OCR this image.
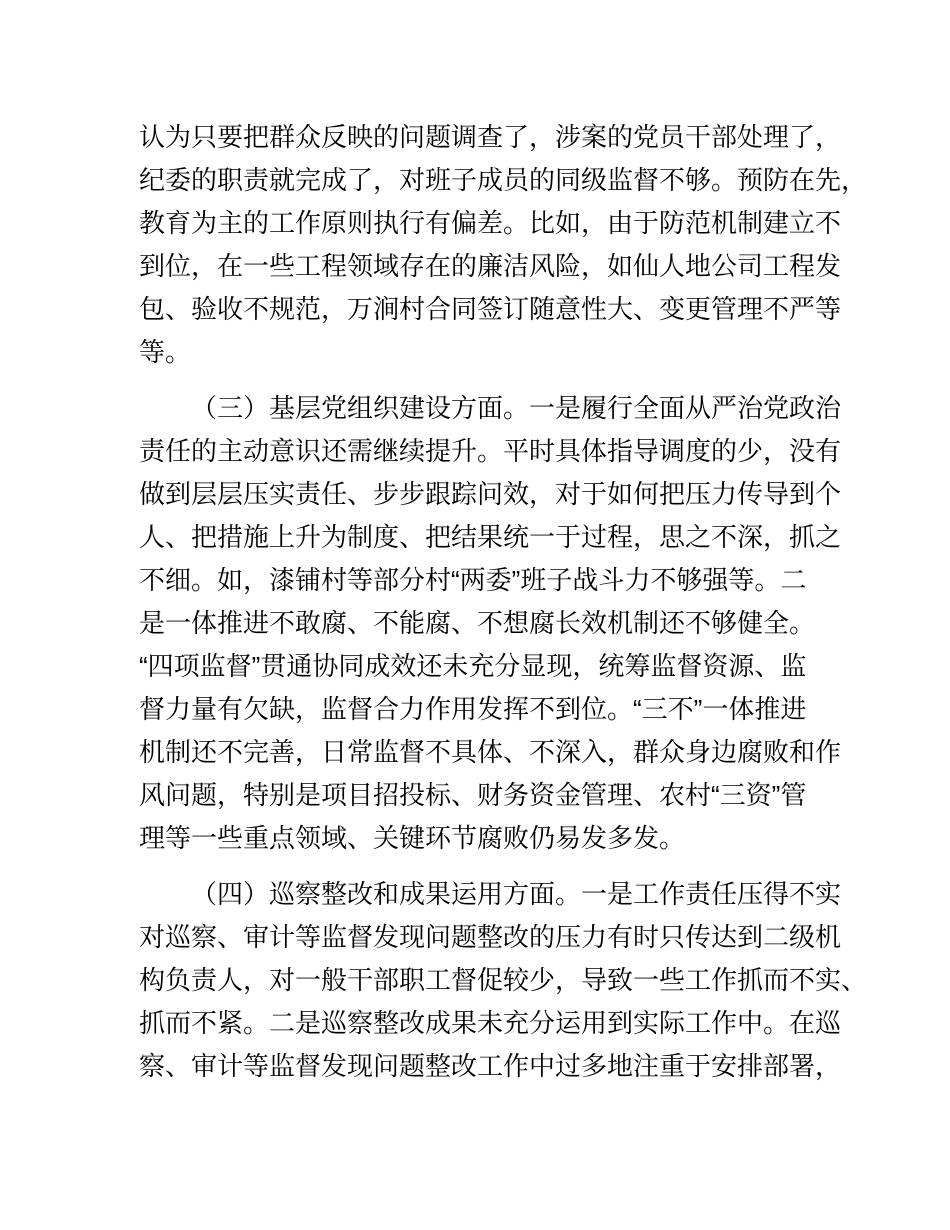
认为只要把群众反映的问题调查了，涉案的党员干部处理了，
纪委的职责就完成了，对班子成员的同级监督不够。预防在先，
教育为主的工作原则执行有偏差。比如，由于防范机制建立不
到位，在一些工程领域存在的廉洁风险，如仙人地公司工程发
包、验收不规范，万涧村合同签订随意性大、变更管理不严等
等。
（三）基层党组织建设方面。一是履行全面从严治党政治
责任的主动意识还需继续提升。平时具体指导调度的少，没有
做到层层压实责任、步步跟踪问效，对于如何把压力传导到个
人、把措施上升为制度、把结果统一于过程，思之不深，抓之
不细。如，漆铺村等部分村“两委”班子战斗力不够强等。二
是一体推进不敢腐、不能腐、不想腐长效机制还不够健全。
“四项监督”贯通协同成效还未充分显现，统筹监督资源、监
督力量有欠缺，监督合力作用发挥不到位。“三不”一体推进
机制还不完善，日常监督不具体、不深入，群众身边腐败和作
风问题，特别是项目招投标、财务资金管理、农村“三资”管
理等一些重点领域、关键环节腐败仍易发多发。
（四）巡察整改和成果运用方面。一是工作责任压得不实
对巡察、审计等监督发现问题整改的压力有时只传达到二级机
构负责人，对一般干部职工督促较少，导致一些工作抓而不实、
抓而不紧。二是巡察整改成果未充分运用到实际工作中。在巡
察、审计等监督发现问题整改工作中过多地注重于安排部署，
